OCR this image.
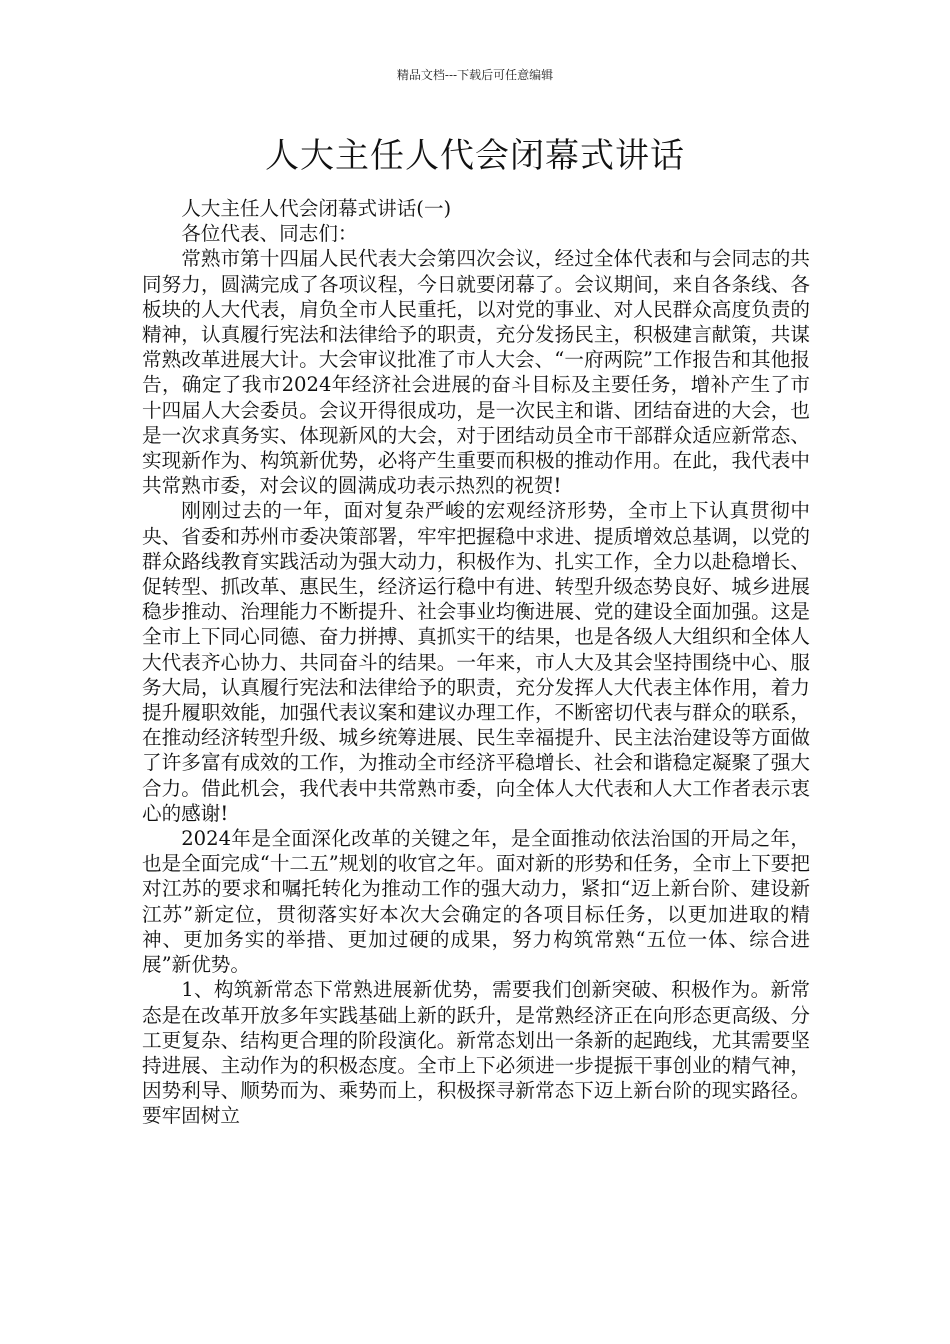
精品文档---下载后可任意编辑
人大主任人代会闭幕式讲话

人大主任人代会闭幕式讲话(一)

各位代表、同志们：

常熟市第十四届人民代表大会第四次会议，经过全体代表和与会同志的共同努力，圆满完成了各项议程，今日就要闭幕了。会议期间，来自各条线、各板块的人大代表，肩负全市人民重托，以对党的事业、对人民群众高度负责的精神，认真履行宪法和法律给予的职责，充分发扬民主，积极建言献策，共谋常熟改革进展大计。大会审议批准了市人大会、“一府两院”工作报告和其他报告，确定了我市2024年经济社会进展的奋斗目标及主要任务，增补产生了市十四届人大会委员。会议开得很成功，是一次民主和谐、团结奋进的大会，也是一次求真务实、体现新风的大会，对于团结动员全市干部群众适应新常态、实现新作为、构筑新优势，必将产生重要而积极的推动作用。在此，我代表中共常熟市委，对会议的圆满成功表示热烈的祝贺!

刚刚过去的一年，面对复杂严峻的宏观经济形势，全市上下认真贯彻中央、省委和苏州市委决策部署，牢牢把握稳中求进、提质增效总基调，以党的群众路线教育实践活动为强大动力，积极作为、扎实工作，全力以赴稳增长、促转型、抓改革、惠民生，经济运行稳中有进、转型升级态势良好、城乡进展稳步推动、治理能力不断提升、社会事业均衡进展、党的建设全面加强。这是全市上下同心同德、奋力拼搏、真抓实干的结果，也是各级人大组织和全体人大代表齐心协力、共同奋斗的结果。一年来，市人大及其会坚持围绕中心、服务大局，认真履行宪法和法律给予的职责，充分发挥人大代表主体作用，着力提升履职效能，加强代表议案和建议办理工作，不断密切代表与群众的联系，在推动经济转型升级、城乡统筹进展、民生幸福提升、民主法治建设等方面做了许多富有成效的工作，为推动全市经济平稳增长、社会和谐稳定凝聚了强大合力。借此机会，我代表中共常熟市委，向全体人大代表和人大工作者表示衷心的感谢!

2024年是全面深化改革的关键之年，是全面推动依法治国的开局之年，也是全面完成“十二五”规划的收官之年。面对新的形势和任务，全市上下要把对江苏的要求和嘱托转化为推动工作的强大动力，紧扣“迈上新台阶、建设新江苏”新定位，贯彻落实好本次大会确定的各项目标任务，以更加进取的精神、更加务实的举措、更加过硬的成果，努力构筑常熟“五位一体、综合进展”新优势。

1、构筑新常态下常熟进展新优势，需要我们创新突破、积极作为。新常态是在改革开放多年实践基础上新的跃升，是常熟经济正在向形态更高级、分工更复杂、结构更合理的阶段演化。新常态划出一条新的起跑线，尤其需要坚持进展、主动作为的积极态度。全市上下必须进一步提振干事创业的精气神，因势利导、顺势而为、乘势而上，积极探寻新常态下迈上新台阶的现实路径。要牢固树立
